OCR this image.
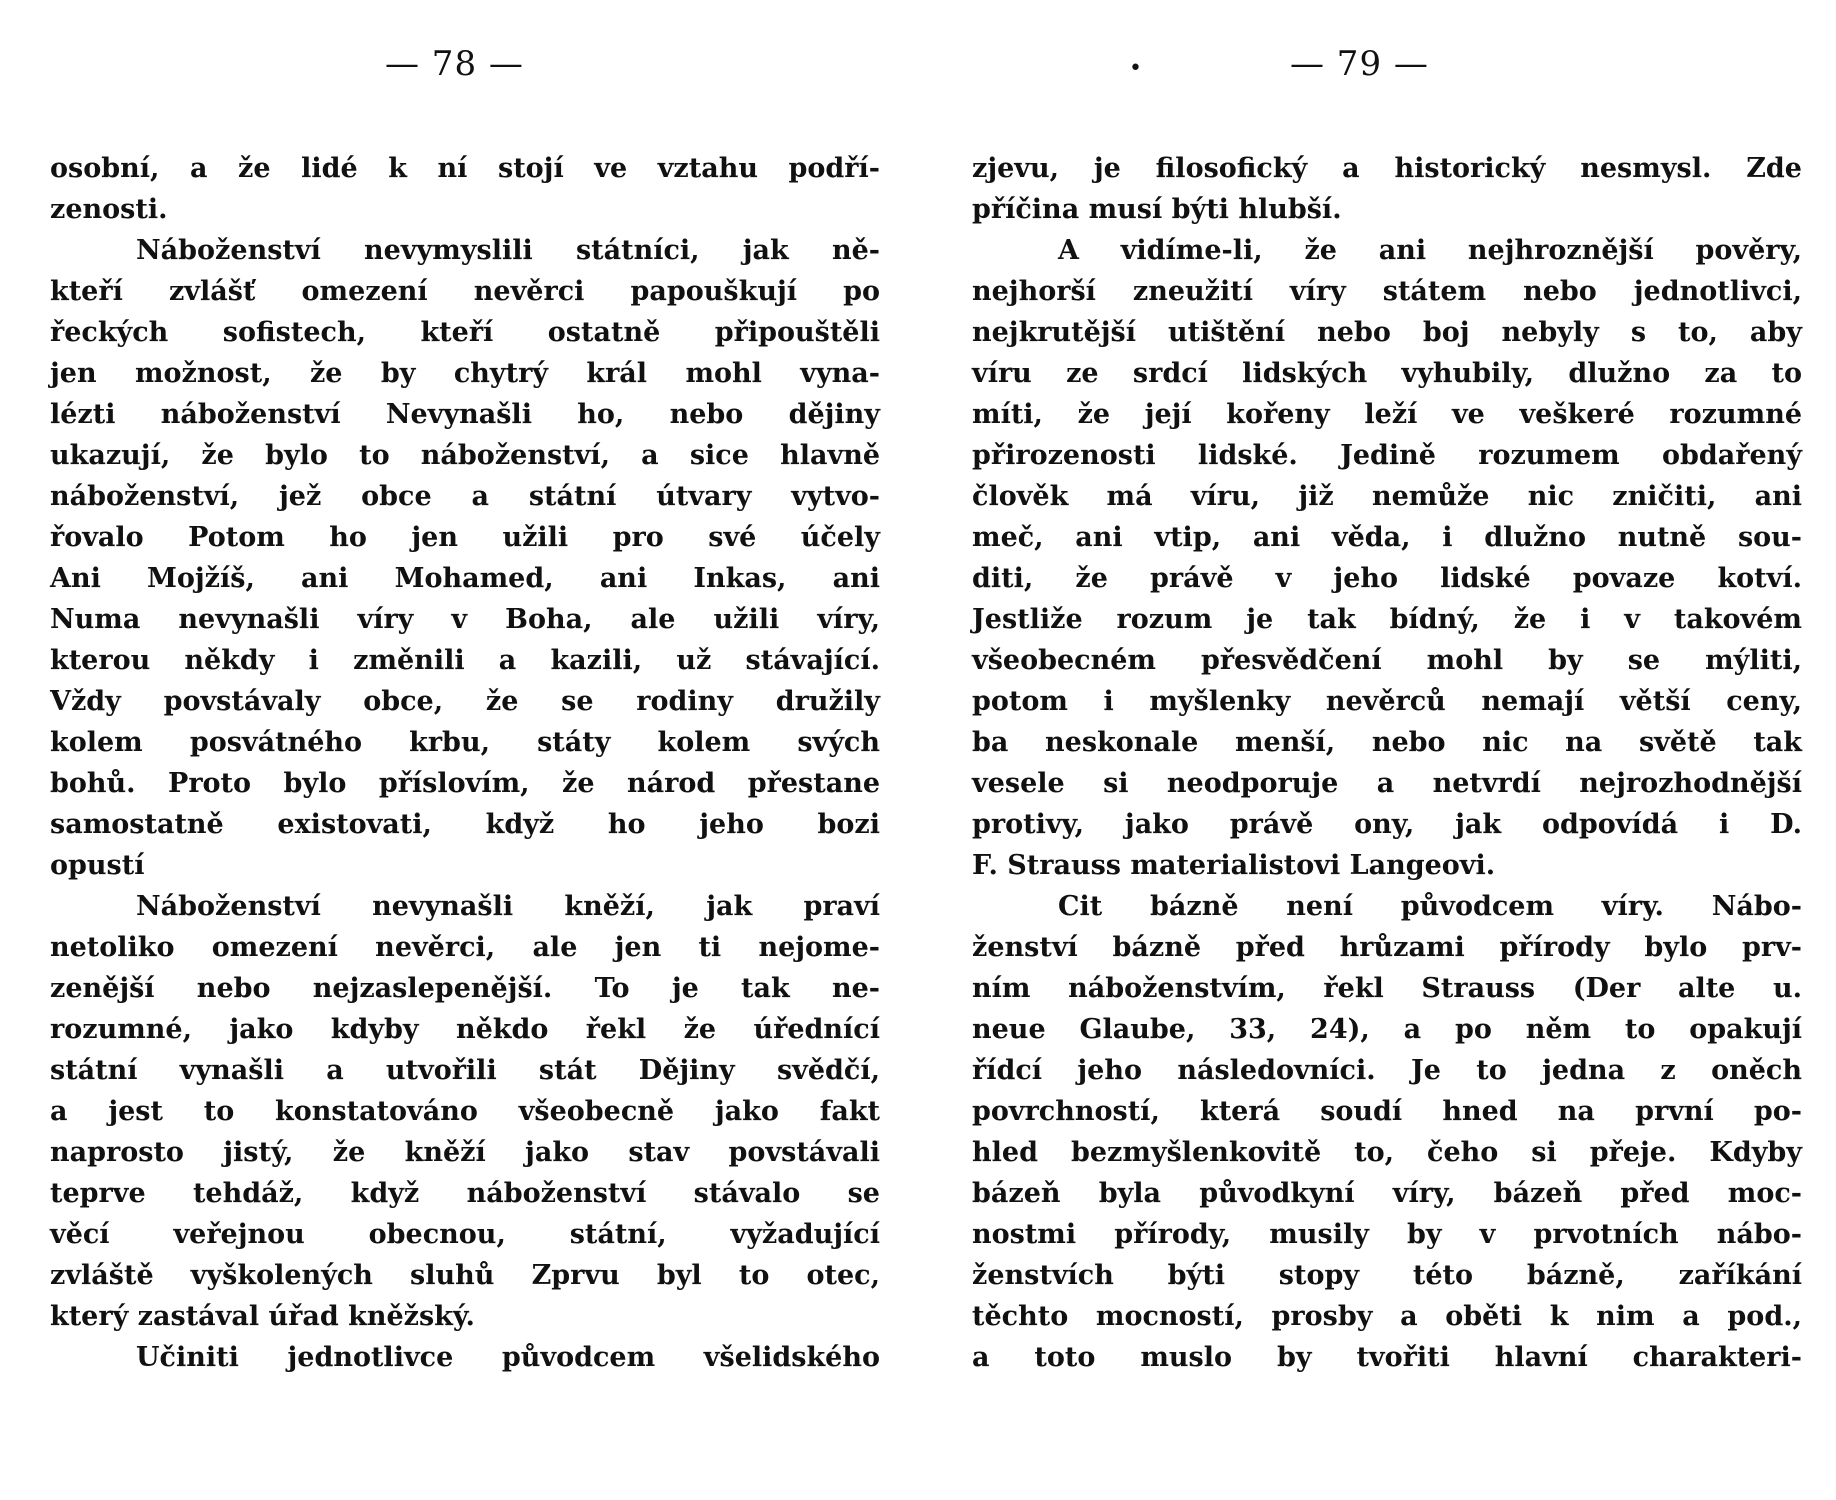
— 78 —	— 79 —
•
osobní, a že lidé k ní stojí ve vztahu podří-
zenosti.
Náboženství nevymyslili státníci, jak ně-
kteří zvlášť omezení nevěrci papouškují po
řeckých sofistech, kteří ostatně připouštěli
jen možnost, že by chytrý král mohl vyna-
lézti náboženství Nevynašli ho, nebo dějiny
ukazují, že bylo to náboženství, a sice hlavně
náboženství, jež obce a státní útvary vytvo-
řovalo Potom ho jen užili pro své účely
Ani Mojžíš, ani Mohamed, ani Inkas, ani
Numa nevynašli víry v Boha, ale užili víry,
kterou někdy i změnili a kazili, už stávající.
Vždy povstávaly obce, že se rodiny družily
kolem posvátného krbu, státy kolem svých
bohů. Proto bylo příslovím, že národ přestane
samostatně existovati, když ho jeho bozi
opustí
Náboženství nevynašli kněží, jak praví
netoliko omezení nevěrci, ale jen ti nejome-
zenější nebo nejzaslepenější. To je tak ne-
rozumné, jako kdyby někdo řekl že úřednící
státní vynašli a utvořili stát Dějiny svědčí,
a jest to konstatováno všeobecně jako fakt
naprosto jistý, že kněží jako stav povstávali
teprve tehdáž, když náboženství stávalo se
věcí veřejnou obecnou, státní, vyžadující
zvláště vyškolených sluhů Zprvu byl to otec,
který zastával úřad kněžský.
Učiniti jednotlivce původcem všelidského
zjevu, je filosofický a historický nesmysl. Zde
příčina musí býti hlubší.
A vidíme-li, že ani nejhroznější pověry,
nejhorší zneužití víry státem nebo jednotlivci,
nejkrutější utištění nebo boj nebyly s to, aby
víru ze srdcí lidských vyhubily, dlužno za to
míti, že její kořeny leží ve veškeré rozumné
přirozenosti lidské. Jedině rozumem obdařený
člověk má víru, již nemůže nic zničiti, ani
meč, ani vtip, ani věda, i dlužno nutně sou-
diti, že právě v jeho lidské povaze kotví.
Jestliže rozum je tak bídný, že i v takovém
všeobecném přesvědčení mohl by se mýliti,
potom i myšlenky nevěrců nemají větší ceny,
ba neskonale menší, nebo nic na světě tak
vesele si neodporuje a netvrdí nejrozhodnější
protivy, jako právě ony, jak odpovídá i D.
F. Strauss materialistovi Langeovi.
Cit bázně není původcem víry. Nábo-
ženství bázně před hrůzami přírody bylo prv-
ním náboženstvím, řekl Strauss (Der alte u.
neue Glaube, 33, 24), a po něm to opakují
řídcí jeho následovníci. Je to jedna z oněch
povrchností, která soudí hned na první po-
hled bezmyšlenkovitě to, čeho si přeje. Kdyby
bázeň byla původkyní víry, bázeň před moc-
nostmi přírody, musily by v prvotních nábo-
ženstvích býti stopy této bázně, zaříkání
těchto mocností, prosby a oběti k nim a pod.,
a toto muslo by tvořiti hlavní charakteri-
